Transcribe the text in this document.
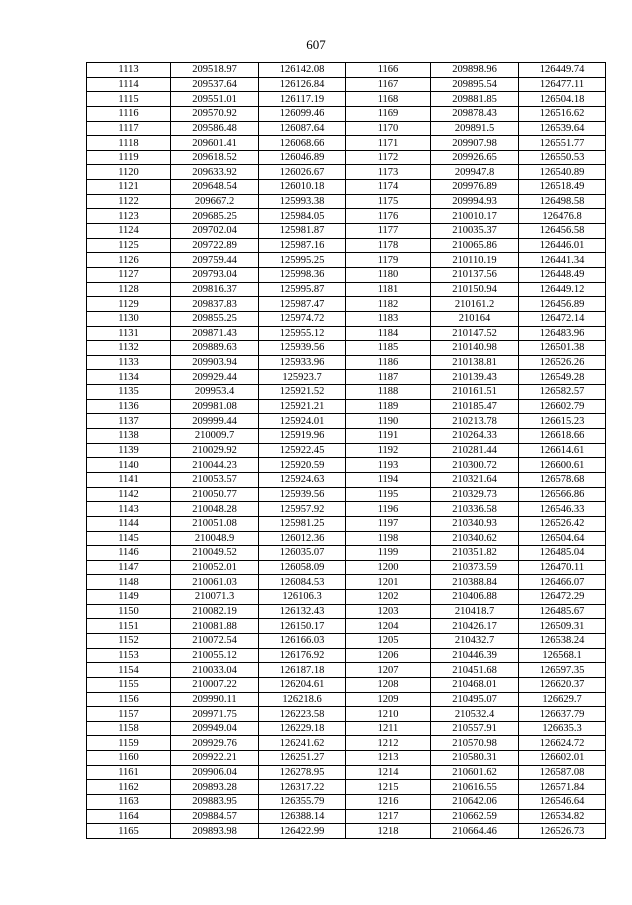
607
1113	209518.97	126142.08	1166	209898.96	126449.74
1114	209537.64	126126.84	1167	209895.54	126477.11
1115	209551.01	126117.19	1168	209881.85	126504.18
1116	209570.92	126099.46	1169	209878.43	126516.62
1117	209586.48	126087.64	1170	209891.5	126539.64
1118	209601.41	126068.66	1171	209907.98	126551.77
1119	209618.52	126046.89	1172	209926.65	126550.53
1120	209633.92	126026.67	1173	209947.8	126540.89
1121	209648.54	126010.18	1174	209976.89	126518.49
1122	209667.2	125993.38	1175	209994.93	126498.58
1123	209685.25	125984.05	1176	210010.17	126476.8
1124	209702.04	125981.87	1177	210035.37	126456.58
1125	209722.89	125987.16	1178	210065.86	126446.01
1126	209759.44	125995.25	1179	210110.19	126441.34
1127	209793.04	125998.36	1180	210137.56	126448.49
1128	209816.37	125995.87	1181	210150.94	126449.12
1129	209837.83	125987.47	1182	210161.2	126456.89
1130	209855.25	125974.72	1183	210164	126472.14
1131	209871.43	125955.12	1184	210147.52	126483.96
1132	209889.63	125939.56	1185	210140.98	126501.38
1133	209903.94	125933.96	1186	210138.81	126526.26
1134	209929.44	125923.7	1187	210139.43	126549.28
1135	209953.4	125921.52	1188	210161.51	126582.57
1136	209981.08	125921.21	1189	210185.47	126602.79
1137	209999.44	125924.01	1190	210213.78	126615.23
1138	210009.7	125919.96	1191	210264.33	126618.66
1139	210029.92	125922.45	1192	210281.44	126614.61
1140	210044.23	125920.59	1193	210300.72	126600.61
1141	210053.57	125924.63	1194	210321.64	126578.68
1142	210050.77	125939.56	1195	210329.73	126566.86
1143	210048.28	125957.92	1196	210336.58	126546.33
1144	210051.08	125981.25	1197	210340.93	126526.42
1145	210048.9	126012.36	1198	210340.62	126504.64
1146	210049.52	126035.07	1199	210351.82	126485.04
1147	210052.01	126058.09	1200	210373.59	126470.11
1148	210061.03	126084.53	1201	210388.84	126466.07
1149	210071.3	126106.3	1202	210406.88	126472.29
1150	210082.19	126132.43	1203	210418.7	126485.67
1151	210081.88	126150.17	1204	210426.17	126509.31
1152	210072.54	126166.03	1205	210432.7	126538.24
1153	210055.12	126176.92	1206	210446.39	126568.1
1154	210033.04	126187.18	1207	210451.68	126597.35
1155	210007.22	126204.61	1208	210468.01	126620.37
1156	209990.11	126218.6	1209	210495.07	126629.7
1157	209971.75	126223.58	1210	210532.4	126637.79
1158	209949.04	126229.18	1211	210557.91	126635.3
1159	209929.76	126241.62	1212	210570.98	126624.72
1160	209922.21	126251.27	1213	210580.31	126602.01
1161	209906.04	126278.95	1214	210601.62	126587.08
1162	209893.28	126317.22	1215	210616.55	126571.84
1163	209883.95	126355.79	1216	210642.06	126546.64
1164	209884.57	126388.14	1217	210662.59	126534.82
1165	209893.98	126422.99	1218	210664.46	126526.73
